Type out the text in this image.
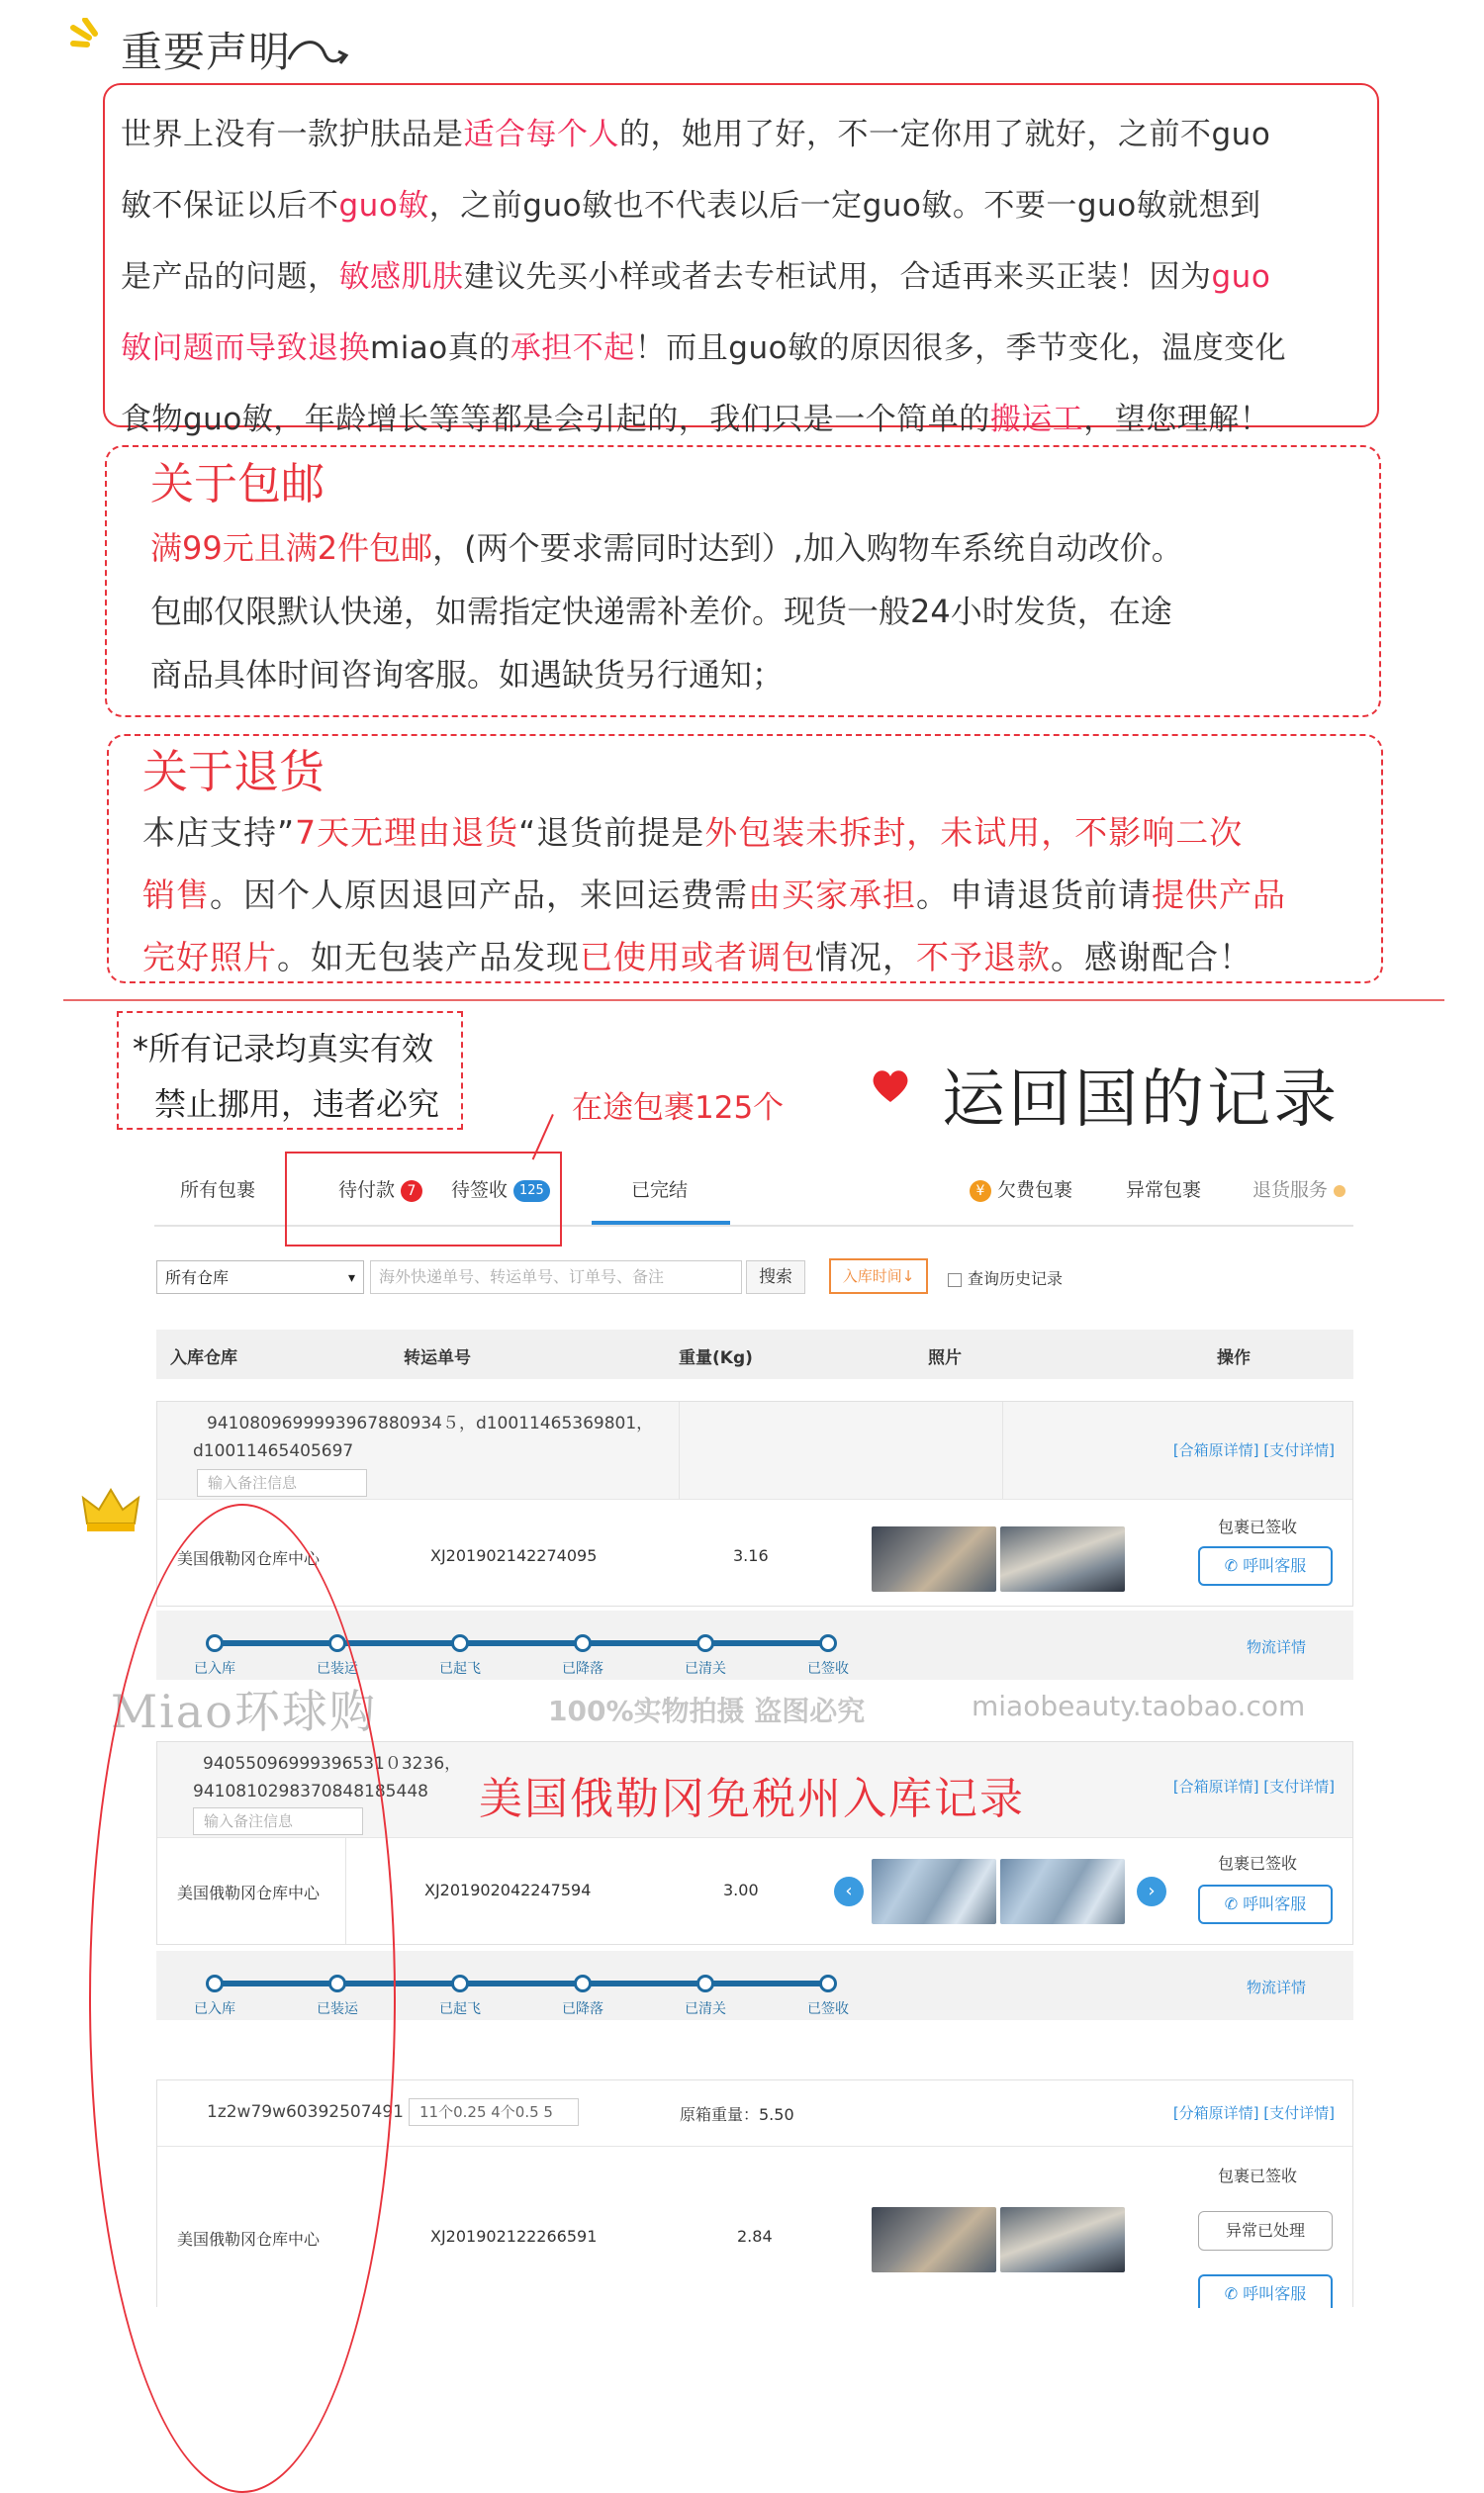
重要声明

世界上没有一款护肤品是适合每个人的，她用了好，不一定你用了就好，之前不guo

敏不保证以后不guo敏，之前guo敏也不代表以后一定guo敏。不要一guo敏就想到

是产品的问题，敏感肌肤建议先买小样或者去专柜试用，合适再来买正装！因为guo

敏问题而导致退换miao真的承担不起！而且guo敏的原因很多，季节变化，温度变化

食物guo敏，年龄增长等等都是会引起的，我们只是一个简单的搬运工，望您理解！

关于包邮

满99元且满2件包邮，(两个要求需同时达到）,加入购物车系统自动改价。

包邮仅限默认快递，如需指定快递需补差价。现货一般24小时发货，在途

商品具体时间咨询客服。如遇缺货另行通知；

关于退货

本店支持”7天无理由退货“退货前提是外包装未拆封，未试用，不影响二次

销售。因个人原因退回产品，来回运费需由买家承担。申请退货前请提供产品

完好照片。如无包装产品发现已使用或者调包情况，不予退款。感谢配合！

*所有记录均真实有效

禁止挪用，违者必究	在途包裹125个 运回国的记录
所有包裹	待付款 7	待签收 125	已完结	¥ 欠费包裹	异常包裹	退货服务
所有仓库	▾	海外快递单号、转运单号、订单号、备注	搜索	入库时间↓	查询历史记录
入库仓库	转运单号	重量(Kg)	照片	操作
9410809699993967880934５，d10011465369801，
d10011465405697
输入备注信息
[合箱原详情] [支付详情]
美国俄勒冈仓库中心	XJ201902142274095	3.16
包裹已签收
✆ 呼叫客服
已入库	已装运	已起飞	已降落	已清关	已签收
物流详情
94055096999396531０3236，
9410810298370848185448
输入备注信息
[合箱原详情] [支付详情]
美国俄勒冈仓库中心	XJ201902042247594	3.00	‹	›
包裹已签收
✆ 呼叫客服
已入库	已装运	已起飞	已降落	已清关	已签收
物流详情
1z2w79w60392507491	11个0.25 4个0.5 5	原箱重量：5.50	[分箱原详情] [支付详情]
美国俄勒冈仓库中心	XJ201902122266591	2.84
包裹已签收
异常已处理
✆ 呼叫客服
Miao环球购	100%实物拍摄 盗图必究	miaobeauty.taobao.com
美国俄勒冈免税州入库记录
